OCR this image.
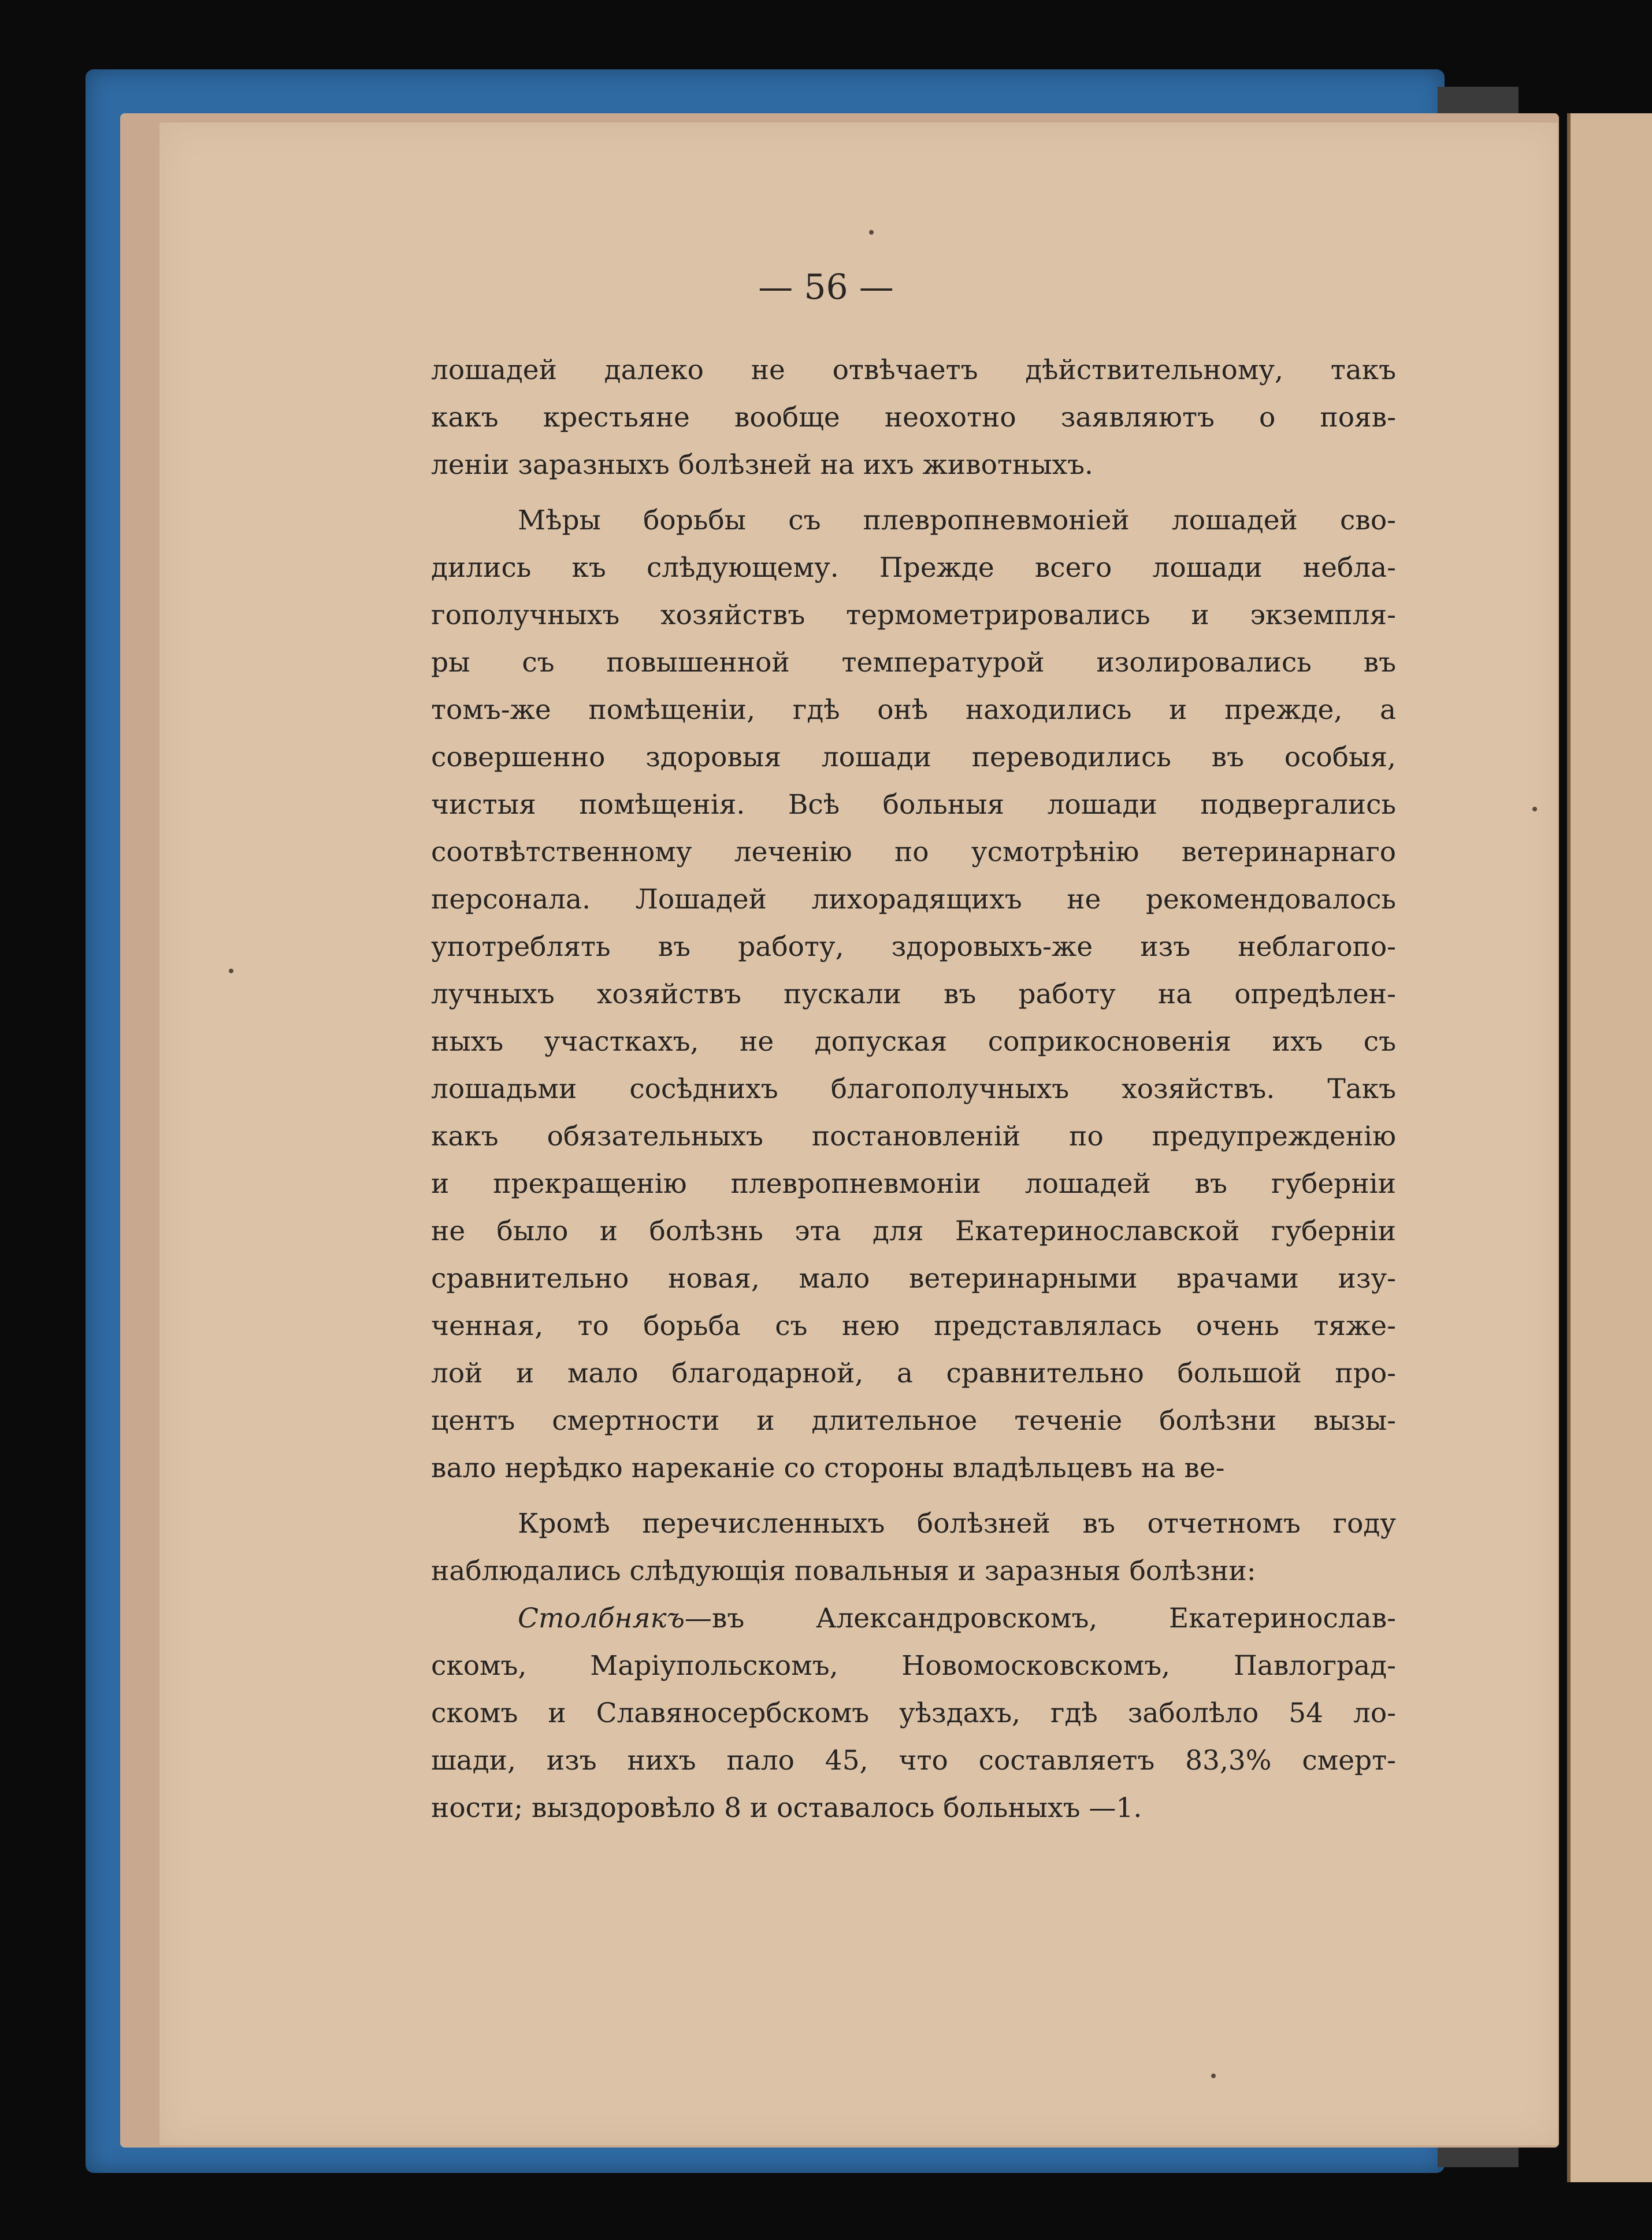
— 56 —
лошадей далеко не отвѣчаетъ дѣйствительному, такъ
какъ крестьяне вообще неохотно заявляютъ о появ-
леніи заразныхъ болѣзней на ихъ животныхъ.
Мѣры борьбы съ плевропневмоніей лошадей сво-
дились къ слѣдующему. Прежде всего лошади небла-
гополучныхъ хозяйствъ термометрировались и экземпля-
ры съ повышенной температурой изолировались въ
томъ-же помѣщеніи, гдѣ онѣ находились и прежде, а
совершенно здоровыя лошади переводились въ особыя,
чистыя помѣщенія. Всѣ больныя лошади подвергались
соотвѣтственному леченію по усмотрѣнію ветеринарнаго
персонала. Лошадей лихорадящихъ не рекомендовалось
употреблять въ работу, здоровыхъ-же изъ неблагопо-
лучныхъ хозяйствъ пускали въ работу на опредѣлен-
ныхъ участкахъ, не допуская соприкосновенія ихъ съ
лошадьми сосѣднихъ благополучныхъ хозяйствъ. Такъ
какъ обязательныхъ постановленій по предупрежденію
и прекращенію плевропневмоніи лошадей въ губерніи
не было и болѣзнь эта для Екатеринославской губерніи
сравнительно новая, мало ветеринарными врачами изу-
ченная, то борьба съ нею представлялась очень тяже-
лой и мало благодарной, а сравнительно большой про-
центъ смертности и длительное теченіе болѣзни вызы-
вало нерѣдко нареканіе со стороны владѣльцевъ на ве-
Кромѣ перечисленныхъ болѣзней въ отчетномъ году
наблюдались слѣдующія повальныя и заразныя болѣзни:
Столбнякъ—въ Александровскомъ, Екатеринослав-
скомъ, Маріупольскомъ, Новомосковскомъ, Павлоград-
скомъ и Славяносербскомъ уѣздахъ, гдѣ заболѣло 54 ло-
шади, изъ нихъ пало 45, что составляетъ 83,3% смерт-
ности; выздоровѣло 8 и оставалось больныхъ —1.
